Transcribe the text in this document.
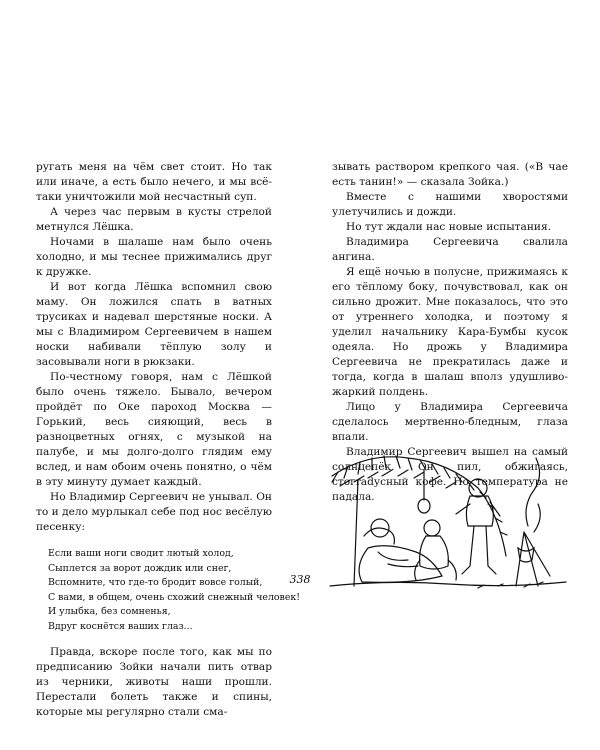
ругать меня на чём свет стоит. Но так или иначе, а есть было нечего, и мы всё-таки уничтожили мой несчастный суп.

А через час первым в кусты стрелой метнулся Лёшка.

Ночами в шалаше нам было очень холодно, и мы теснее прижимались друг к дружке.

И вот когда Лёшка вспомнил свою маму. Он ложился спать в ватных трусиках и надевал шерстяные носки. А мы с Владимиром Сергеевичем в нашем носки набивали тёплую золу и засовывали ноги в рюкзаки.

По-честному говоря, нам с Лёшкой было очень тяжело. Бывало, вечером пройдёт по Оке пароход Москва — Горький, весь сияющий, весь в разноцветных огнях, с музыкой на палубе, и мы долго-долго глядим ему вслед, и нам обоим очень понятно, о чём в эту минуту думает каждый.

Но Владимир Сергеевич не унывал. Он то и дело мурлыкал себе под нос весёлую песенку:

Если ваши ноги сводит лютый холод,
Сыплется за ворот дождик или снег,
Вспомните, что где-то бродит вовсе голый,
С вами, в общем, очень схожий снежный человек!
И улыбка, без сомненья,
Вдруг коснётся ваших глаз...

Правда, вскоре после того, как мы по предписанию Зойки начали пить отвар из черники, животы наши прошли. Перестали болеть также и спины, которые мы регулярно стали сма-

зывать раствором крепкого чая. («В чае есть танин!» — сказала Зойка.)

Вместе с нашими хворостями улетучились и дожди.

Но тут ждали нас новые испытания.

Владимира Сергеевича свалила ангина.

Я ещё ночью в полусне, прижимаясь к его тёплому боку, почувствовал, как он сильно дрожит. Мне показалось, что это от утреннего холодка, и поэтому я уделил начальнику Кара-Бумбы кусок одеяла. Но дрожь у Владимира Сергеевича не прекратилась даже и тогда, когда в шалаш вполз удушливо-жаркий полдень.

Лицо у Владимира Сергеевича сделалось мертвенно-бледным, глаза впали.

Владимир Сергеевич вышел на самый солнцепёк. Он пил, обжигаясь, стогradусный кофе. Но температура не падала.

338
